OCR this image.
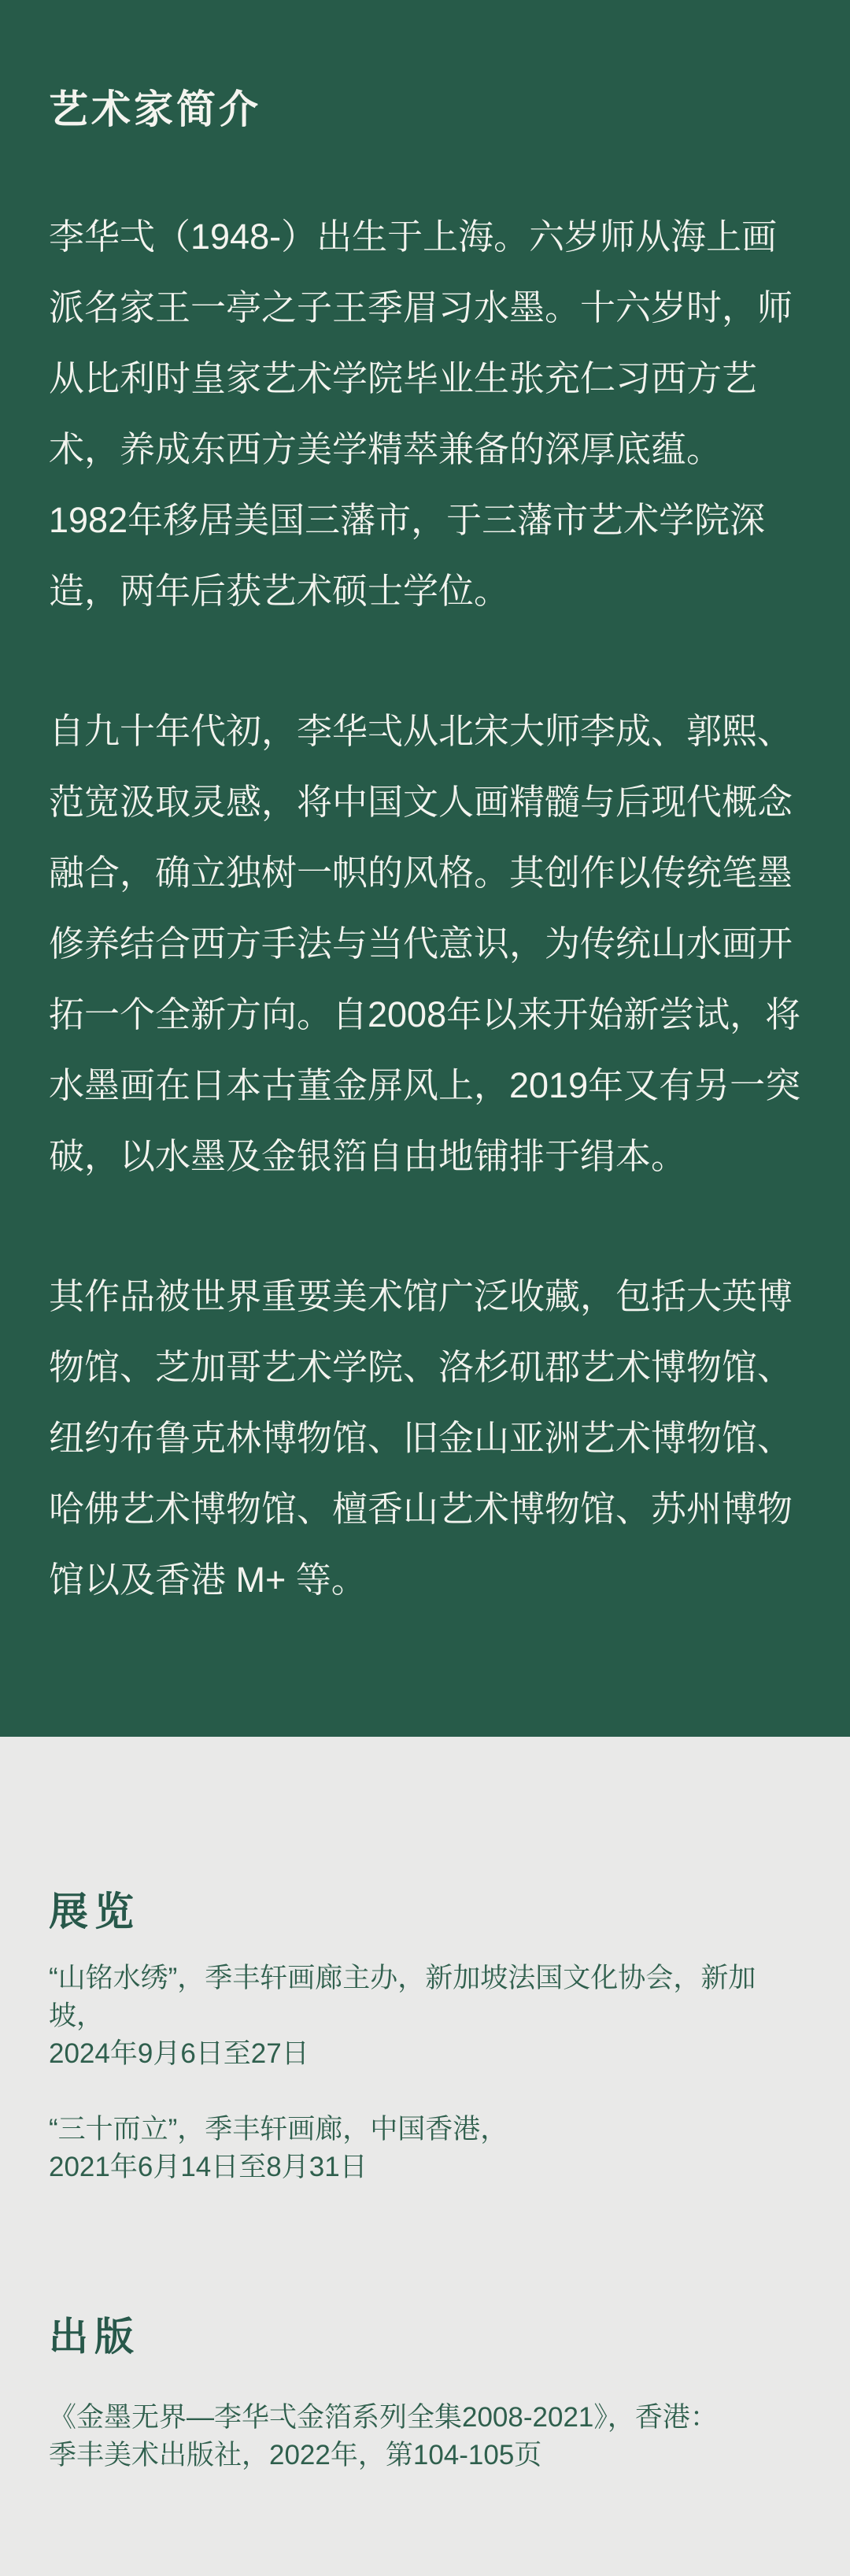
艺术家简介

李华弌（1948-）出生于上海。六岁师从海上画派名家王一亭之子王季眉习水墨。十六岁时，师从比利时皇家艺术学院毕业生张充仁习西方艺术，养成东西方美学精萃兼备的深厚底蕴。 1982年移居美国三藩市，于三藩市艺术学院深造，两年后获艺术硕士学位。

自九十年代初，李华弌从北宋大师李成、郭熙、范宽汲取灵感，将中国文人画精髓与后现代概念融合，确立独树一帜的风格。其创作以传统笔墨修养结合西方手法与当代意识，为传统山水画开拓一个全新方向。自2008年以来开始新尝试，将水墨画在日本古董金屏风上，2019年又有另一突破，以水墨及金银箔自由地铺排于绢本。

其作品被世界重要美术馆广泛收藏，包括大英博物馆、芝加哥艺术学院、洛杉矶郡艺术博物馆、纽约布鲁克林博物馆、旧金山亚洲艺术博物馆、哈佛艺术博物馆、檀香山艺术博物馆、苏州博物馆以及香港 M+ 等。

展览
“山铭水绣”，季丰轩画廊主办，新加坡法国文化协会，新加坡，
2024年9月6日至27日
“三十而立”，季丰轩画廊，中国香港，
2021年6月14日至8月31日
出版
《金墨无界—李华弌金箔系列全集2008-2021》，香港：
季丰美术出版社，2022年，第104-105页
